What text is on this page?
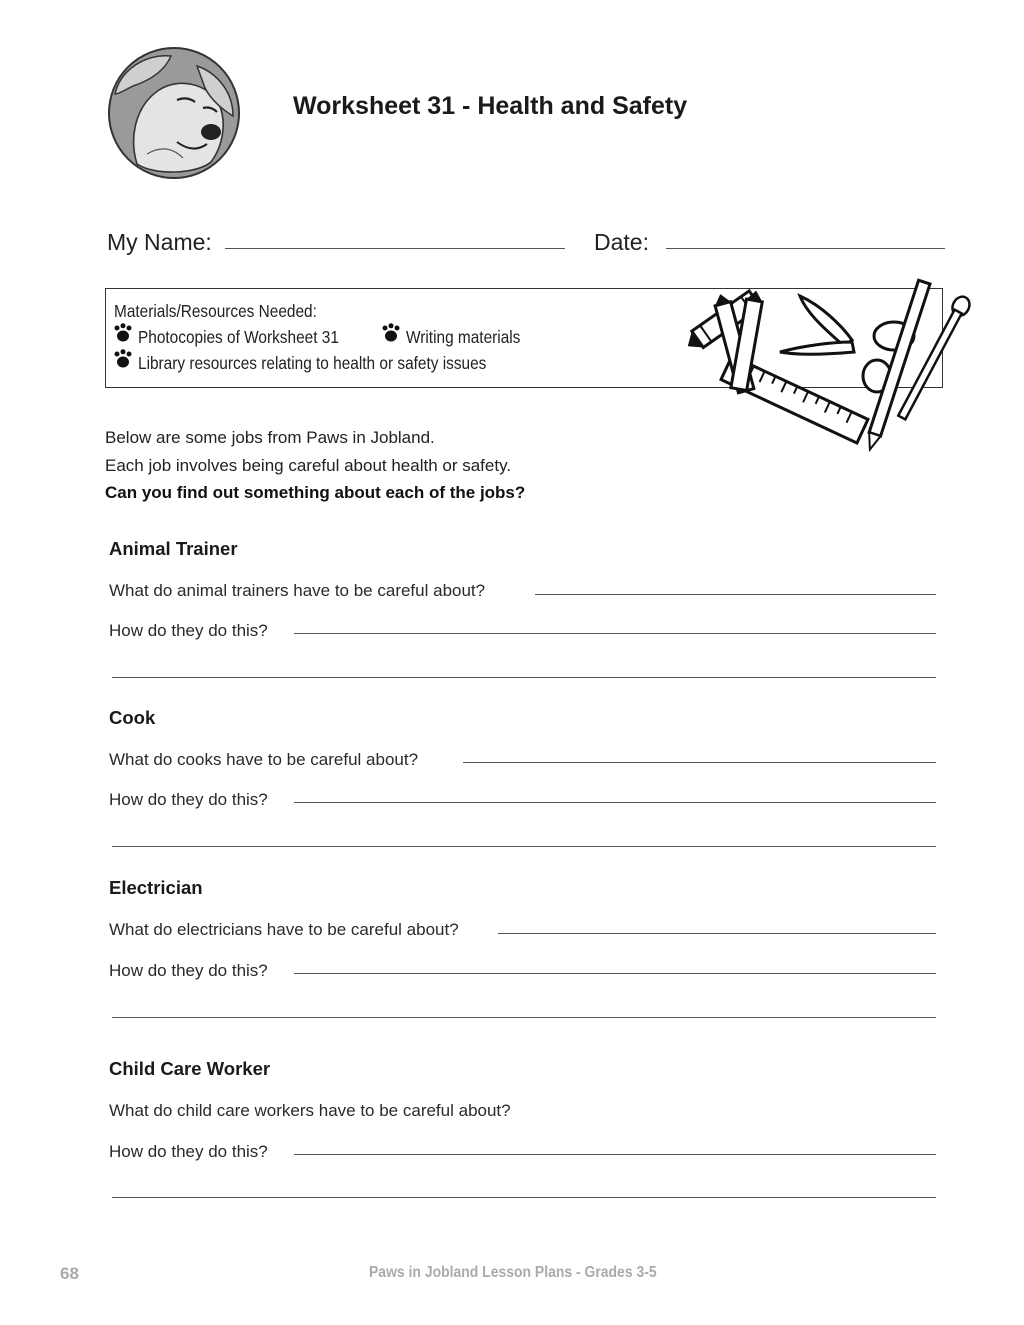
Worksheet 31 - Health and Safety
My Name:	Date:
Materials/Resources Needed:
Photocopies of Worksheet 31	Writing materials
Library resources relating to health or safety issues
Below are some jobs from Paws in Jobland.
Each job involves being careful about health or safety.
Can you find out something about each of the jobs?
Animal Trainer
What do animal trainers have to be careful about?
How do they do this?
Cook
What do cooks have to be careful about?
How do they do this?
Electrician
What do electricians have to be careful about?
How do they do this?
Child Care Worker
What do child care workers have to be careful about?
How do they do this?
68	Paws in Jobland Lesson Plans - Grades 3-5
